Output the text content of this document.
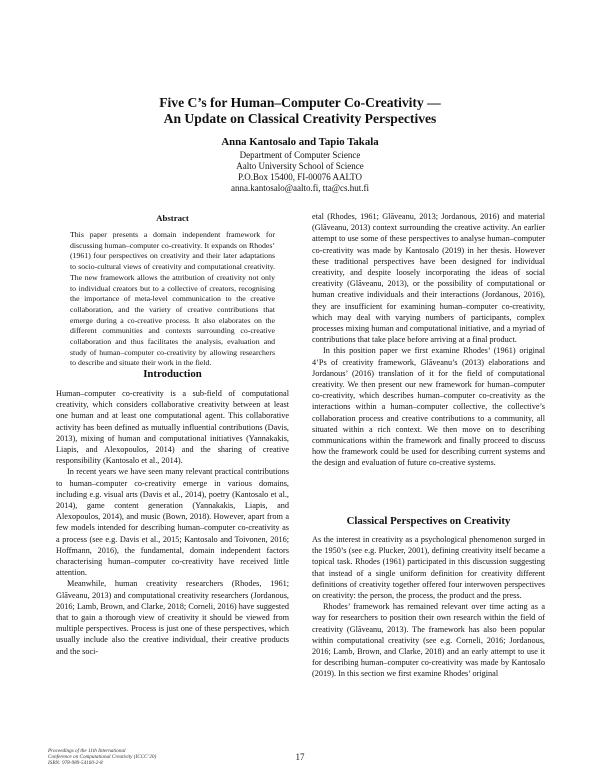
Five C’s for Human–Computer Co-Creativity —
An Update on Classical Creativity Perspectives
Anna Kantosalo and Tapio Takala
Department of Computer Science
Aalto University School of Science
P.O.Box 15400, FI-00076 AALTO
anna.kantosalo@aalto.fi, tta@cs.hut.fi
Abstract
This paper presents a domain independent framework for discussing human–computer co-creativity. It expands on Rhodes’ (1961) four perspectives on creativity and their later adaptations to socio-cultural views of creativity and computational creativity. The new framework allows the attribution of creativity not only to individual creators but to a collective of creators, recognising the importance of meta-level communication to the creative collaboration, and the variety of creative contributions that emerge during a co-creative process. It also elaborates on the different communities and contexts surrounding co-creative collaboration and thus facilitates the analysis, evaluation and study of human–computer co-creativity by allowing researchers to describe and situate their work in the field.
Introduction

Human–computer co-creativity is a sub-field of computational creativity, which considers collaborative creativity between at least one human and at least one computational agent. This collaborative activity has been defined as mutually influential contributions (Davis, 2013), mixing of human and computational initiatives (Yannakakis, Liapis, and Alexopoulos, 2014) and the sharing of creative responsibility (Kantosalo et al., 2014).

In recent years we have seen many relevant practical contributions to human–computer co-creativity emerge in various domains, including e.g. visual arts (Davis et al., 2014), poetry (Kantosalo et al., 2014), game content generation (Yannakakis, Liapis, and Alexopoulos, 2014), and music (Bown, 2018). However, apart from a few models intended for describing human–computer co-creativity as a process (see e.g. Davis et al., 2015; Kantosalo and Toivonen, 2016; Hoffmann, 2016), the fundamental, domain independent factors characterising human–computer co-creativity have received little attention.

Meanwhile, human creativity researchers (Rhodes, 1961; Glăveanu, 2013) and computational creativity researchers (Jordanous, 2016; Lamb, Brown, and Clarke, 2018; Corneli, 2016) have suggested that to gain a thorough view of creativity it should be viewed from multiple perspectives. Process is just one of these perspectives, which usually include also the creative individual, their creative products and the soci-

etal (Rhodes, 1961; Glăveanu, 2013; Jordanous, 2016) and material (Glăveanu, 2013) context surrounding the creative activity. An earlier attempt to use some of these perspectives to analyse human–computer co-creativity was made by Kantosalo (2019) in her thesis. However these traditional perspectives have been designed for individual creativity, and despite loosely incorporating the ideas of social creativity (Glăveanu, 2013), or the possibility of computational or human creative individuals and their interactions (Jordanous, 2016), they are insufficient for examining human–computer co-creativity, which may deal with varying numbers of participants, complex processes mixing human and computational initiative, and a myriad of contributions that take place before arriving at a final product.

In this position paper we first examine Rhodes’ (1961) original 4’Ps of creativity framework, Glăveanu’s (2013) elaborations and Jordanous’ (2016) translation of it for the field of computational creativity. We then present our new framework for human–computer co-creativity, which describes human–computer co-creativity as the interactions within a human–computer collective, the collective’s collaboration process and creative contributions to a community, all situated within a rich context. We then move on to describing communications within the framework and finally proceed to discuss how the framework could be used for describing current systems and the design and evaluation of future co-creative systems.

Classical Perspectives on Creativity

As the interest in creativity as a psychological phenomenon surged in the 1950’s (see e.g. Plucker, 2001), defining creativity itself became a topical task. Rhodes (1961) participated in this discussion suggesting that instead of a single uniform definition for creativity different definitions of creativity together offered four interwoven perspectives on creativity: the person, the process, the product and the press.

Rhodes’ framework has remained relevant over time acting as a way for researchers to position their own research within the field of creativity (Glăveanu, 2013). The framework has also been popular within computational creativity (see e.g. Corneli, 2016; Jordanous, 2016; Lamb, Brown, and Clarke, 2018) and an early attempt to use it for describing human–computer co-creativity was made by Kantosalo (2019). In this section we first examine Rhodes’ original

Proceedings of the 11th International
Conference on Computational Creativity (ICCC’20)
ISBN: 978-989-54160-2-8
17
